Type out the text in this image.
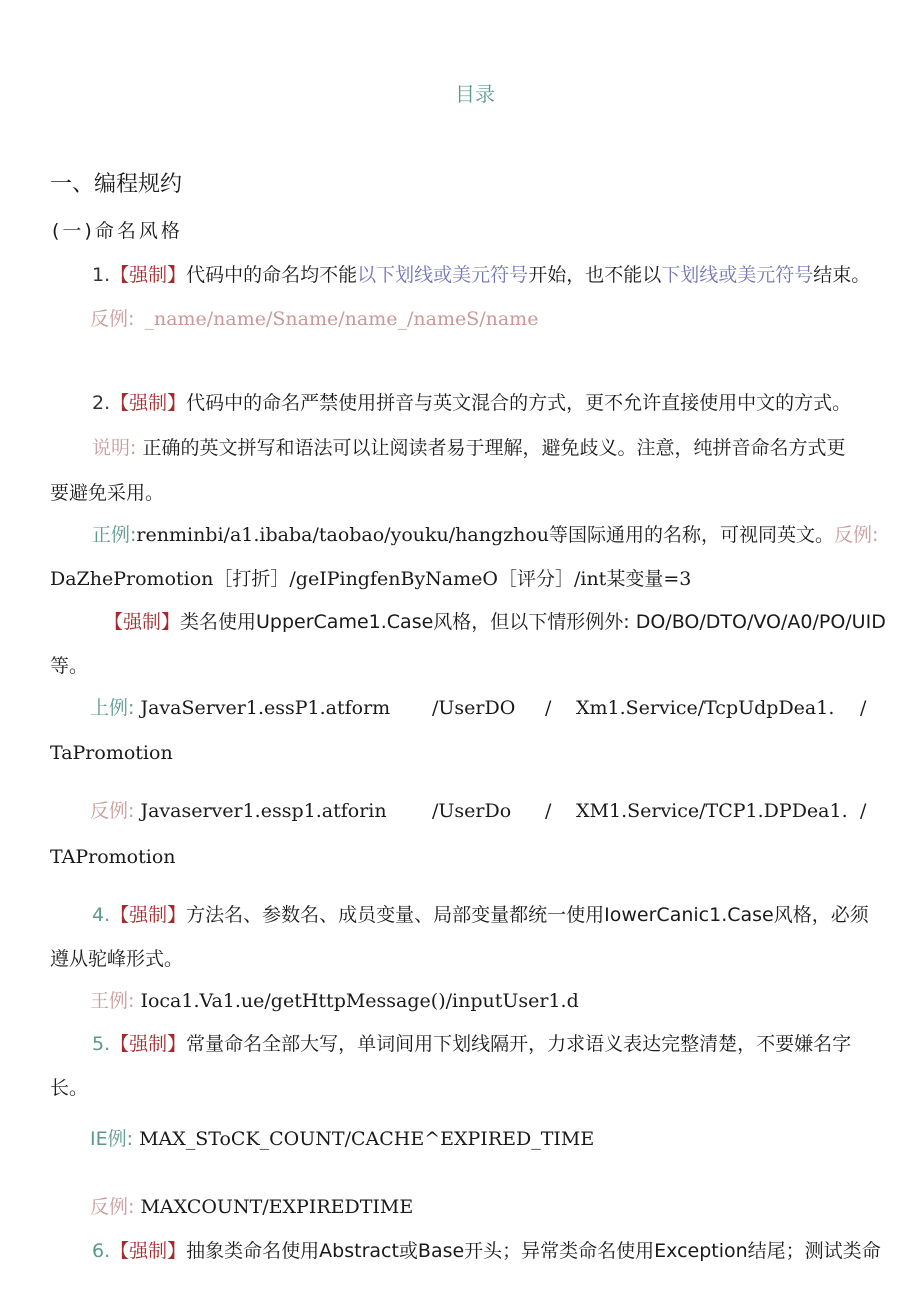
目录
一、编程规约
(一)命名风格
1.【强制】代码中的命名均不能以下划线或美元符号开始，也不能以下划线或美元符号结束。
反例: _name/name/Sname/name_/nameS/name
2.【强制】代码中的命名严禁使用拼音与英文混合的方式，更不允许直接使用中文的方式。
说明: 正确的英文拼写和语法可以让阅读者易于理解，避免歧义。注意，纯拼音命名方式更
要避免采用。
正例:renminbi/a1.ibaba/taobao/youku/hangzhou等国际通用的名称，可视同英文。反例:
DaZhePromotion［打折］/geIPingfenByNameO［评分］/int某变量=3
【强制】类名使用UpperCame1.Case风格，但以下情形例外: DO/BO/DTO/VO/A0/PO/UID
等。
上例: JavaServer1.essP1.atform /UserDO / Xm1.Service/TcpUdpDea1. /
TaPromotion
反例: Javaserver1.essp1.atforin /UserDo / XM1.Service/TCP1.DPDea1. /
TAPromotion
4.【强制】方法名、参数名、成员变量、局部变量都统一使用IowerCanic1.Case风格，必须
遵从驼峰形式。
王例: Ioca1.Va1.ue/getHttpMessage()/inputUser1.d
5.【强制】常量命名全部大写，单词间用下划线隔开，力求语义表达完整清楚，不要嫌名字
长。
IE例: MAX_SToCK_COUNT/CACHE^EXPIRED_TIME
反例: MAXCOUNT/EXPIREDTIME
6.【强制】抽象类命名使用Abstract或Base开头；异常类命名使用Exception结尾；测试类命
